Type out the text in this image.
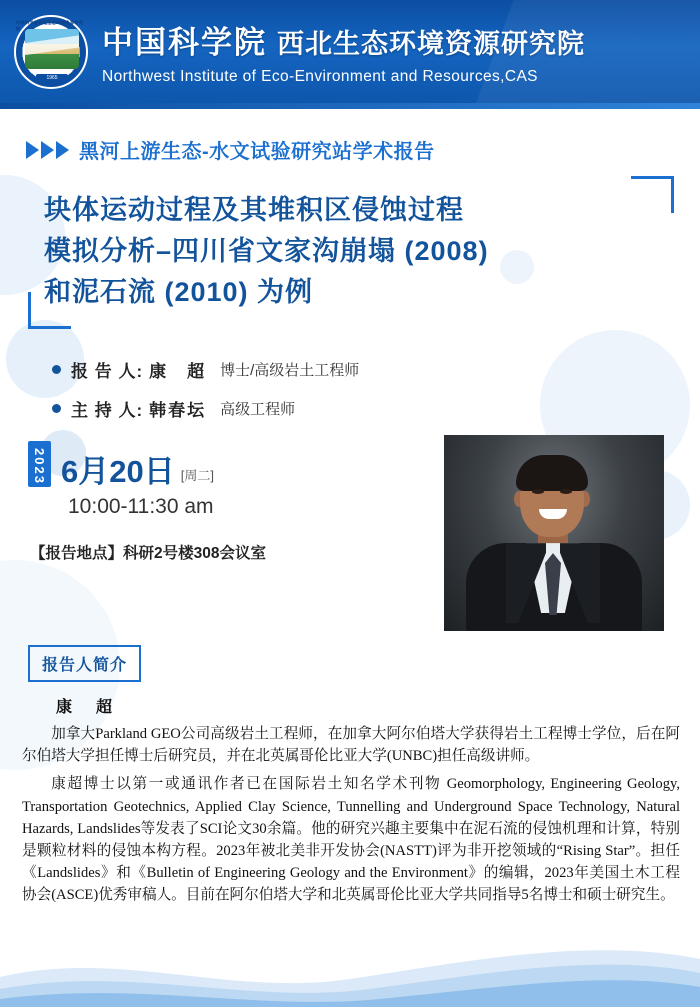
中国科学院西北生态环境资源研究院
1965
中国科学院 西北生态环境资源研究院
Northwest Institute of Eco-Environment and Resources,CAS
黑河上游生态-水文试验研究站学术报告
块体运动过程及其堆积区侵蚀过程
模拟分析–四川省文家沟崩塌 (2008)
和泥石流 (2010) 为例
报 告 人: 康　超 博士/高级岩土工程师
主 持 人: 韩春坛 高级工程师
2023 6月20日 [周二]
10:00-11:30 am
【报告地点】科研2号楼308会议室
报告人简介
康　超

加拿大Parkland GEO公司高级岩土工程师，在加拿大阿尔伯塔大学获得岩土工程博士学位，后在阿尔伯塔大学担任博士后研究员，并在北英属哥伦比亚大学(UNBC)担任高级讲师。

康超博士以第一或通讯作者已在国际岩土知名学术刊物 Geomorphology, Engineering Geology, Transportation Geotechnics, Applied Clay Science, Tunnelling and Underground Space Technology, Natural Hazards, Landslides等发表了SCI论文30余篇。他的研究兴趣主要集中在泥石流的侵蚀机理和计算，特别是颗粒材料的侵蚀本构方程。2023年被北美非开发协会(NASTT)评为非开挖领域的“Rising Star”。担任《Landslides》和《Bulletin of Engineering Geology and the Environment》的编辑，2023年美国土木工程协会(ASCE)优秀审稿人。目前在阿尔伯塔大学和北英属哥伦比亚大学共同指导5名博士和硕士研究生。
